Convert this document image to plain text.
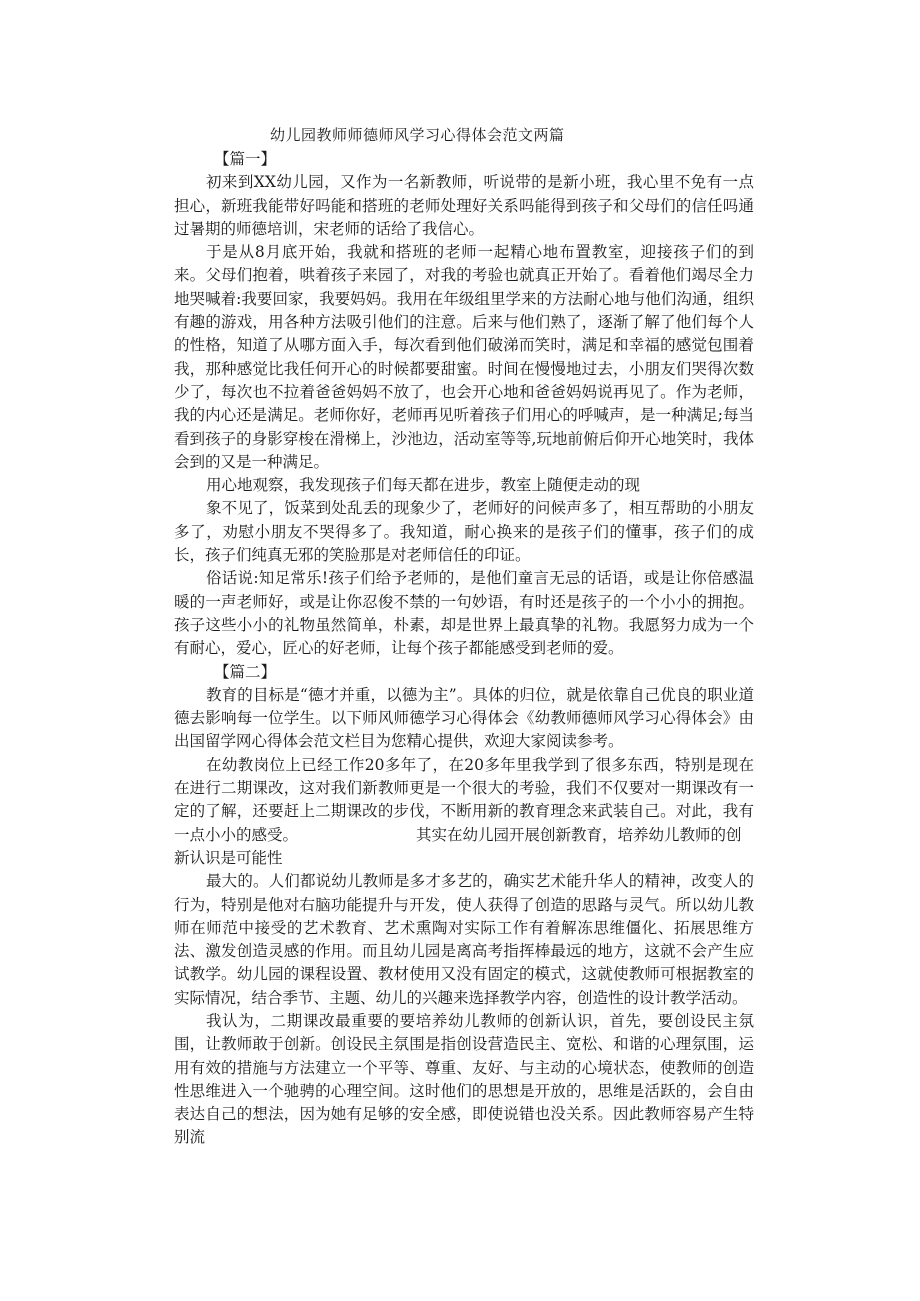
幼儿园教师师德师风学习心得体会范文两篇
【篇一】

初来到XX幼儿园，又作为一名新教师，听说带的是新小班，我心里不免有一点担心，新班我能带好吗能和搭班的老师处理好关系吗能得到孩子和父母们的信任吗通过暑期的师德培训，宋老师的话给了我信心。

于是从8月底开始，我就和搭班的老师一起精心地布置教室，迎接孩子们的到来。父母们抱着，哄着孩子来园了，对我的考验也就真正开始了。看着他们竭尽全力地哭喊着:我要回家，我要妈妈。我用在年级组里学来的方法耐心地与他们沟通，组织有趣的游戏，用各种方法吸引他们的注意。后来与他们熟了，逐渐了解了他们每个人的性格，知道了从哪方面入手，每次看到他们破涕而笑时，满足和幸福的感觉包围着我，那种感觉比我任何开心的时候都要甜蜜。时间在慢慢地过去，小朋友们哭得次数少了，每次也不拉着爸爸妈妈不放了，也会开心地和爸爸妈妈说再见了。作为老师，我的内心还是满足。老师你好，老师再见听着孩子们用心的呼喊声，是一种满足;每当看到孩子的身影穿梭在滑梯上，沙池边，活动室等等,玩地前俯后仰开心地笑时，我体会到的又是一种满足。

用心地观察，我发现孩子们每天都在进步，教室上随便走动的现

象不见了，饭菜到处乱丢的现象少了，老师好的问候声多了，相互帮助的小朋友多了，劝慰小朋友不哭得多了。我知道，耐心换来的是孩子们的懂事，孩子们的成长，孩子们纯真无邪的笑脸那是对老师信任的印证。

俗话说:知足常乐!孩子们给予老师的，是他们童言无忌的话语，或是让你倍感温暖的一声老师好，或是让你忍俊不禁的一句妙语，有时还是孩子的一个小小的拥抱。孩子这些小小的礼物虽然简单，朴素，却是世界上最真挚的礼物。我愿努力成为一个有耐心，爱心，匠心的好老师，让每个孩子都能感受到老师的爱。

【篇二】

教育的目标是“德才并重，以德为主”。具体的归位，就是依靠自己优良的职业道德去影响每一位学生。以下师风师德学习心得体会《幼教师德师风学习心得体会》由出国留学网心得体会范文栏目为您精心提供，欢迎大家阅读参考。

在幼教岗位上已经工作20多年了，在20多年里我学到了很多东西，特别是现在在进行二期课改，这对我们新教师更是一个很大的考验，我们不仅要对一期课改有一定的了解，还要赶上二期课改的步伐，不断用新的教育理念来武装自己。对此，我有一点小小的感受。	其实在幼儿园开展创新教育，培养幼儿教师的创

新认识是可能性

最大的。人们都说幼儿教师是多才多艺的，确实艺术能升华人的精神，改变人的行为，特别是他对右脑功能提升与开发，使人获得了创造的思路与灵气。所以幼儿教师在师范中接受的艺术教育、艺术熏陶对实际工作有着解冻思维僵化、拓展思维方法、激发创造灵感的作用。而且幼儿园是离高考指挥棒最远的地方，这就不会产生应试教学。幼儿园的课程设置、教材使用又没有固定的模式，这就使教师可根据教室的实际情况，结合季节、主题、幼儿的兴趣来选择教学内容，创造性的设计教学活动。

我认为，二期课改最重要的要培养幼儿教师的创新认识，首先，要创设民主氛围，让教师敢于创新。创设民主氛围是指创设营造民主、宽松、和谐的心理氛围，运用有效的措施与方法建立一个平等、尊重、友好、与主动的心境状态，使教师的创造性思维进入一个驰骋的心理空间。这时他们的思想是开放的，思维是活跃的，会自由表达自己的想法，因为她有足够的安全感，即使说错也没关系。因此教师容易产生特别流
